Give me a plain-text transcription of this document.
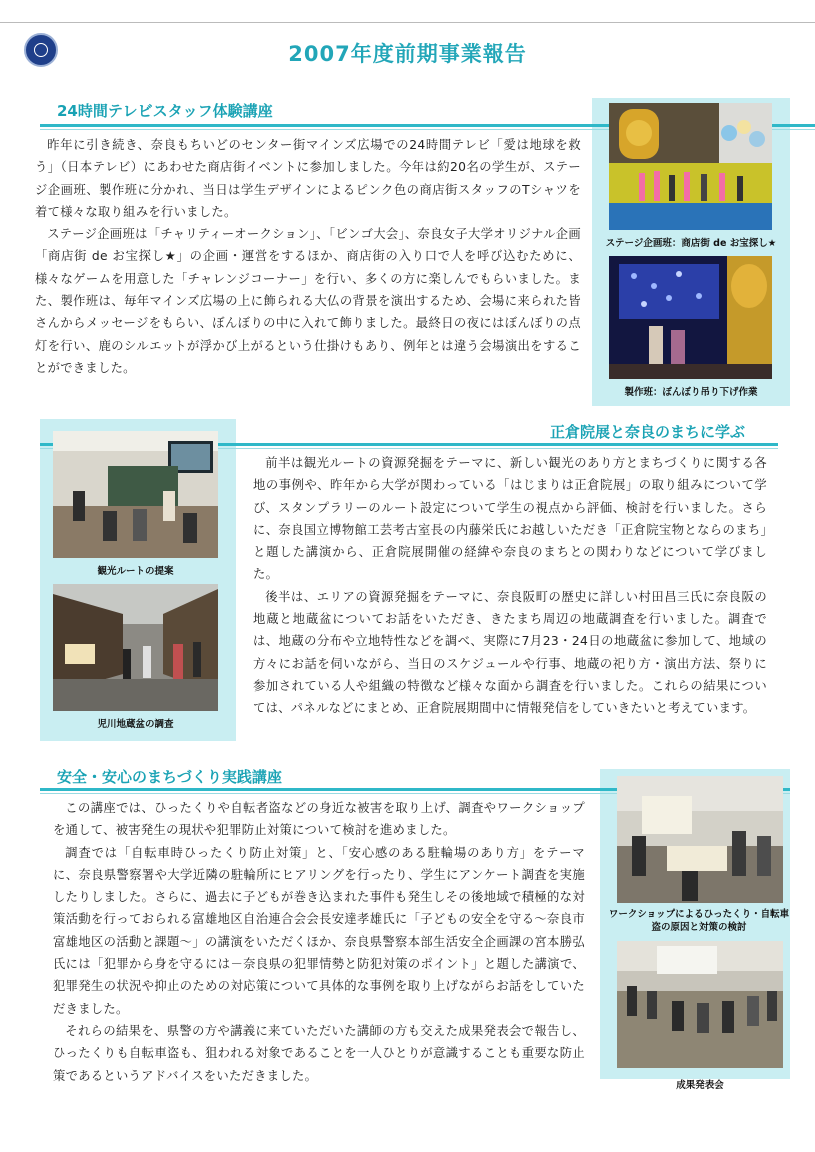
2007年度前期事業報告
24時間テレビスタッフ体験講座

昨年に引き続き、奈良もちいどのセンター街マインズ広場での24時間テレビ「愛は地球を救う」（日本テレビ）にあわせた商店街イベントに参加しました。今年は約20名の学生が、ステージ企画班、製作班に分かれ、当日は学生デザインによるピンク色の商店街スタッフのTシャツを着て様々な取り組みを行いました。

ステージ企画班は「チャリティーオークション」、「ビンゴ大会」、奈良女子大学オリジナル企画「商店街 de お宝探し★」の企画・運営をするほか、商店街の入り口で人を呼び込むために、様々なゲームを用意した「チャレンジコーナー」を行い、多くの方に楽しんでもらいました。また、製作班は、毎年マインズ広場の上に飾られる大仏の背景を演出するため、会場に来られた皆さんからメッセージをもらい、ぼんぼりの中に入れて飾りました。最終日の夜にはぼんぼりの点灯を行い、鹿のシルエットが浮かび上がるという仕掛けもあり、例年とは違う会場演出をすることができました。

ステージ企画班：商店街 de お宝探し★
製作班：ぼんぼり吊り下げ作業
正倉院展と奈良のまちに学ぶ

前半は観光ルートの資源発掘をテーマに、新しい観光のあり方とまちづくりに関する各地の事例や、昨年から大学が関わっている「はじまりは正倉院展」の取り組みについて学び、スタンプラリーのルート設定について学生の視点から評価、検討を行いました。さらに、奈良国立博物館工芸考古室長の内藤栄氏にお越しいただき「正倉院宝物とならのまち」と題した講演から、正倉院展開催の経緯や奈良のまちとの関わりなどについて学びました。

後半は、エリアの資源発掘をテーマに、奈良阪町の歴史に詳しい村田昌三氏に奈良阪の地蔵と地蔵盆についてお話をいただき、きたまち周辺の地蔵調査を行いました。調査では、地蔵の分布や立地特性などを調べ、実際に7月23・24日の地蔵盆に参加して、地域の方々にお話を伺いながら、当日のスケジュールや行事、地蔵の祀り方・演出方法、祭りに参加されている人や組織の特徴など様々な面から調査を行いました。これらの結果については、パネルなどにまとめ、正倉院展期間中に情報発信をしていきたいと考えています。

観光ルートの提案
児川地蔵盆の調査
安全・安心のまちづくり実践講座

この講座では、ひったくりや自転者盗などの身近な被害を取り上げ、調査やワークショップを通して、被害発生の現状や犯罪防止対策について検討を進めました。

調査では「自転車時ひったくり防止対策」と、「安心感のある駐輪場のあり方」をテーマに、奈良県警察署や大学近隣の駐輪所にヒアリングを行ったり、学生にアンケート調査を実施したりしました。さらに、過去に子どもが巻き込まれた事件も発生しその後地域で積極的な対策活動を行っておられる富雄地区自治連合会会長安達孝雄氏に「子どもの安全を守る～奈良市富雄地区の活動と課題～」の講演をいただくほか、奈良県警察本部生活安全企画課の宮本勝弘氏には「犯罪から身を守るには－奈良県の犯罪情勢と防犯対策のポイント」と題した講演で、犯罪発生の状況や抑止のための対応策について具体的な事例を取り上げながらお話をしていただきました。

それらの結果を、県警の方や講義に来ていただいた講師の方も交えた成果発表会で報告し、ひったくりも自転車盗も、狙われる対象であることを一人ひとりが意識することも重要な防止策であるというアドバイスをいただきました。

ワークショップによるひったくり・自転車盗の原因と対策の検討
成果発表会
